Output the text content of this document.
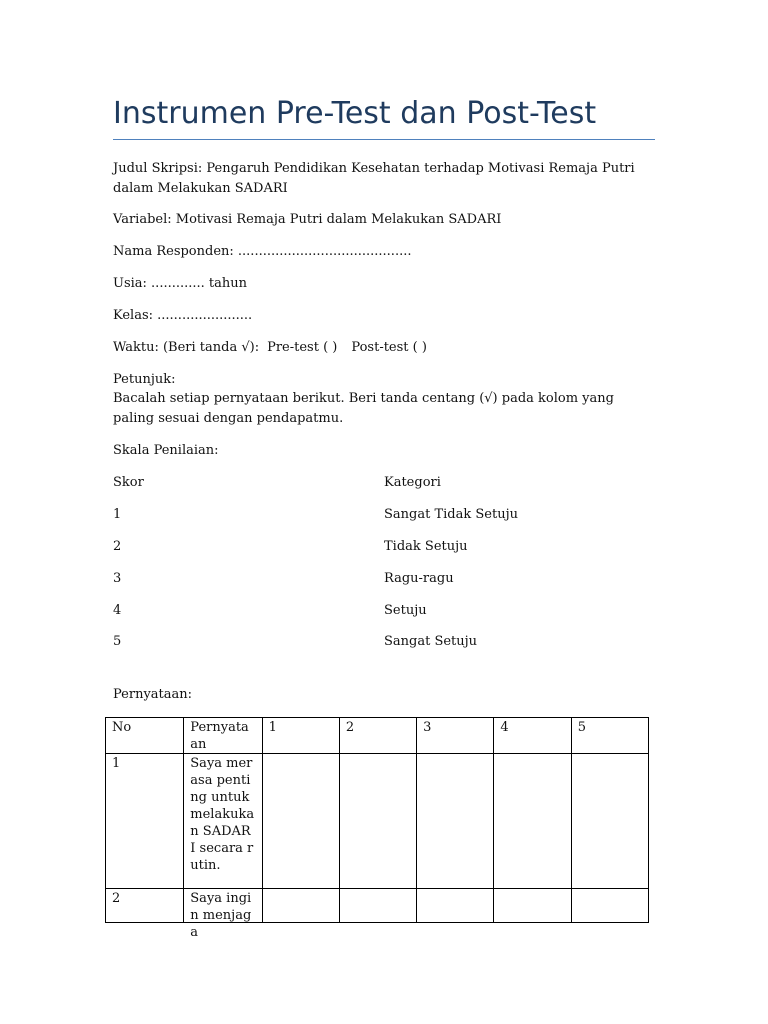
Instrumen Pre-Test dan Post-Test

Judul Skripsi: Pengaruh Pendidikan Kesehatan terhadap Motivasi Remaja Putri dalam Melakukan SADARI

Variabel: Motivasi Remaja Putri dalam Melakukan SADARI

Nama Responden: ..........................................

Usia: ............. tahun

Kelas: .......................

Waktu: (Beri tanda √): Pre-test ( ) Post-test ( )

Petunjuk:

Bacalah setiap pernyataan berikut. Beri tanda centang (√) pada kolom yang paling sesuai dengan pendapatmu.

Skala Penilaian:

Skor	Kategori
1	Sangat Tidak Setuju
2	Tidak Setuju
3	Ragu-ragu
4	Setuju
5	Sangat Setuju

Pernyataan:

No	Pernyataan	1	2	3	4	5
1	Saya merasa penting untuk melakukan SADARI secara rutin.					
2	Saya ingin menjaga					
